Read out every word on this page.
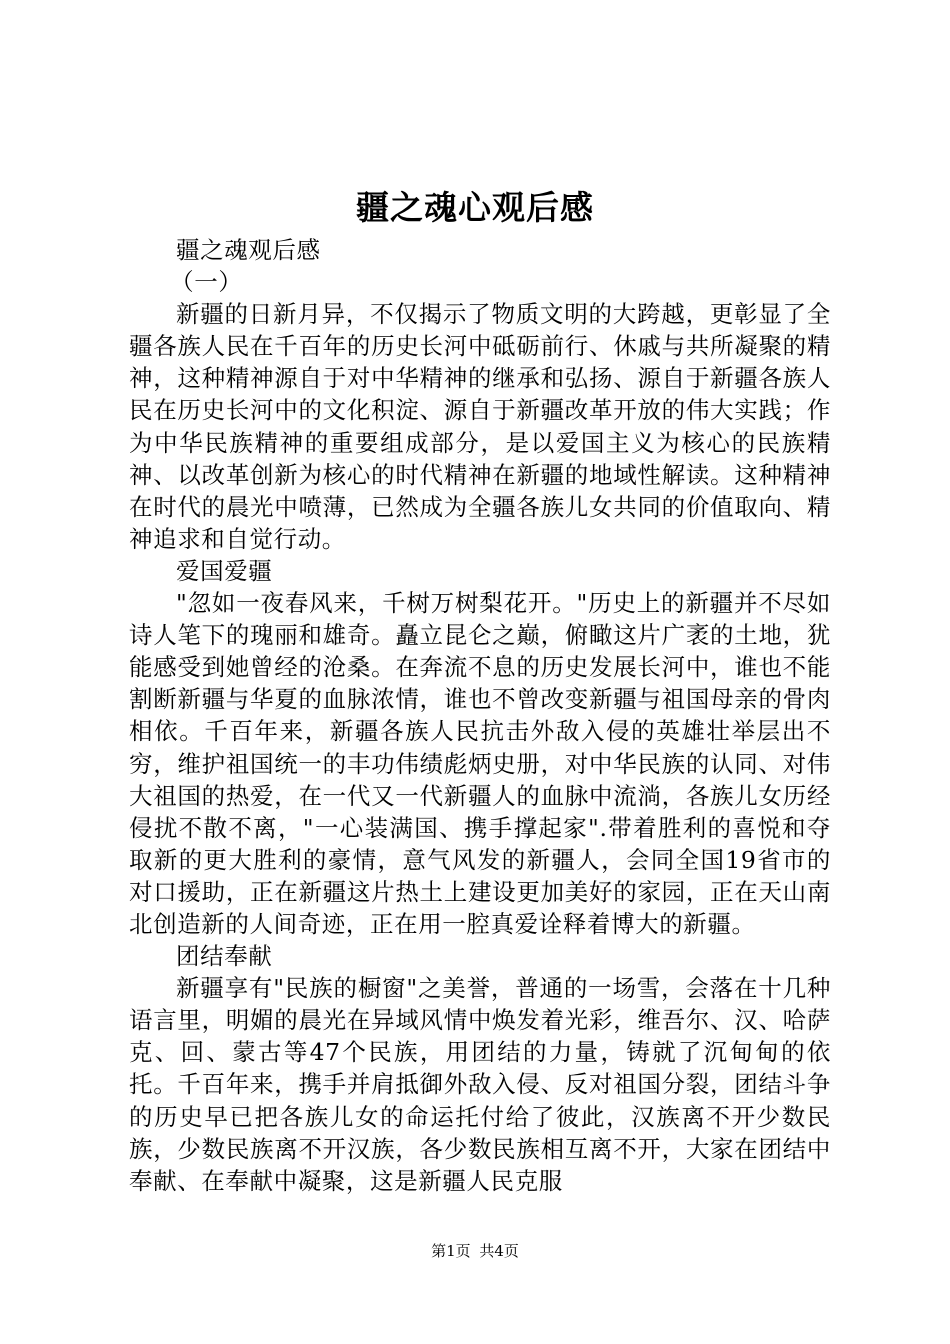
疆之魂心观后感

疆之魂观后感

（一）

新疆的日新月异，不仅揭示了物质文明的大跨越，更彰显了全疆各族人民在千百年的历史长河中砥砺前行、休戚与共所凝聚的精神，这种精神源自于对中华精神的继承和弘扬、源自于新疆各族人民在历史长河中的文化积淀、源自于新疆改革开放的伟大实践；作为中华民族精神的重要组成部分，是以爱国主义为核心的民族精神、以改革创新为核心的时代精神在新疆的地域性解读。这种精神在时代的晨光中喷薄，已然成为全疆各族儿女共同的价值取向、精神追求和自觉行动。

爱国爱疆

"忽如一夜春风来，千树万树梨花开。"历史上的新疆并不尽如诗人笔下的瑰丽和雄奇。矗立昆仑之巅，俯瞰这片广袤的土地，犹能感受到她曾经的沧桑。在奔流不息的历史发展长河中，谁也不能割断新疆与华夏的血脉浓情，谁也不曾改变新疆与祖国母亲的骨肉相依。千百年来，新疆各族人民抗击外敌入侵的英雄壮举层出不穷，维护祖国统一的丰功伟绩彪炳史册，对中华民族的认同、对伟大祖国的热爱，在一代又一代新疆人的血脉中流淌，各族儿女历经侵扰不散不离，"一心装满国、携手撑起家".带着胜利的喜悦和夺取新的更大胜利的豪情，意气风发的新疆人，会同全国19省市的对口援助，正在新疆这片热土上建设更加美好的家园，正在天山南北创造新的人间奇迹，正在用一腔真爱诠释着博大的新疆。

团结奉献

新疆享有"民族的橱窗"之美誉，普通的一场雪，会落在十几种语言里，明媚的晨光在异域风情中焕发着光彩，维吾尔、汉、哈萨克、回、蒙古等47个民族，用团结的力量，铸就了沉甸甸的依托。千百年来，携手并肩抵御外敌入侵、反对祖国分裂，团结斗争的历史早已把各族儿女的命运托付给了彼此，汉族离不开少数民族，少数民族离不开汉族，各少数民族相互离不开，大家在团结中奉献、在奉献中凝聚，这是新疆人民克服

第1页 共4页
